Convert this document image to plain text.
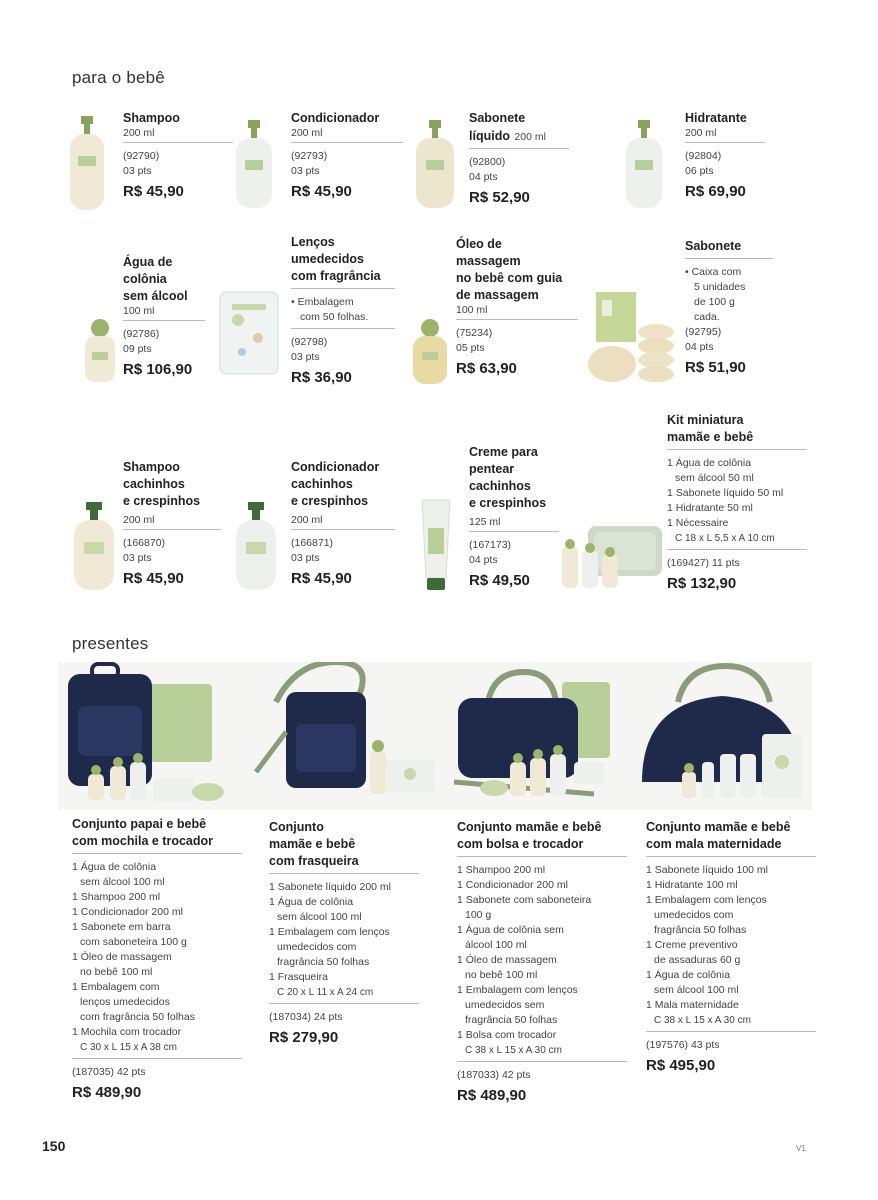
para o bebê
Shampoo
200 ml
(92790)
03 pts
R$ 45,90
Condicionador
200 ml
(92793)
03 pts
R$ 45,90
Sabonete
líquido 200 ml
(92800)
04 pts
R$ 52,90
Hidratante
200 ml
(92804)
06 pts
R$ 69,90
Água de
colônia
sem álcool
100 ml
(92786)
09 pts
R$ 106,90
Lenços
umedecidos
com fragrância
• Embalagem
com 50 folhas.
(92798)
03 pts
R$ 36,90
Óleo de
massagem
no bebê com guia
de massagem
100 ml
(75234)
05 pts
R$ 63,90
Sabonete
• Caixa com
5 unidades
de 100 g
cada.
(92795)
04 pts
R$ 51,90
Shampoo
cachinhos
e crespinhos
200 ml
(166870)
03 pts
R$ 45,90
Condicionador
cachinhos
e crespinhos
200 ml
(166871)
03 pts
R$ 45,90
Creme para
pentear
cachinhos
e crespinhos
125 ml
(167173)
04 pts
R$ 49,50
Kit miniatura
mamãe e bebê
1 Água de colônia
sem álcool 50 ml
1 Sabonete líquido 50 ml
1 Hidratante 50 ml
1 Nécessaire
C 18 x L 5,5 x A 10 cm
(169427) 11 pts
R$ 132,90
presentes
Conjunto papai e bebê
com mochila e trocador
1 Água de colônia
sem álcool 100 ml
1 Shampoo 200 ml
1 Condicionador 200 ml
1 Sabonete em barra
com saboneteira 100 g
1 Óleo de massagem
no bebê 100 ml
1 Embalagem com
lenços umedecidos
com fragrância 50 folhas
1 Mochila com trocador
C 30 x L 15 x A 38 cm
(187035) 42 pts
R$ 489,90
Conjunto
mamãe e bebê
com frasqueira
1 Sabonete líquido 200 ml
1 Água de colônia
sem álcool 100 ml
1 Embalagem com lenços
umedecidos com
fragrância 50 folhas
1 Frasqueira
C 20 x L 11 x A 24 cm
(187034) 24 pts
R$ 279,90
Conjunto mamãe e bebê
com bolsa e trocador
1 Shampoo 200 ml
1 Condicionador 200 ml
1 Sabonete com saboneteira
100 g
1 Água de colônia sem
álcool 100 ml
1 Óleo de massagem
no bebê 100 ml
1 Embalagem com lenços
umedecidos sem
fragrância 50 folhas
1 Bolsa com trocador
C 38 x L 15 x A 30 cm
(187033) 42 pts
R$ 489,90
Conjunto mamãe e bebê
com mala maternidade
1 Sabonete líquido 100 ml
1 Hidratante 100 ml
1 Embalagem com lenços
umedecidos com
fragrância 50 folhas
1 Creme preventivo
de assaduras 60 g
1 Água de colônia
sem álcool 100 ml
1 Mala maternidade
C 38 x L 15 x A 30 cm
(197576) 43 pts
R$ 495,90
150	V1
